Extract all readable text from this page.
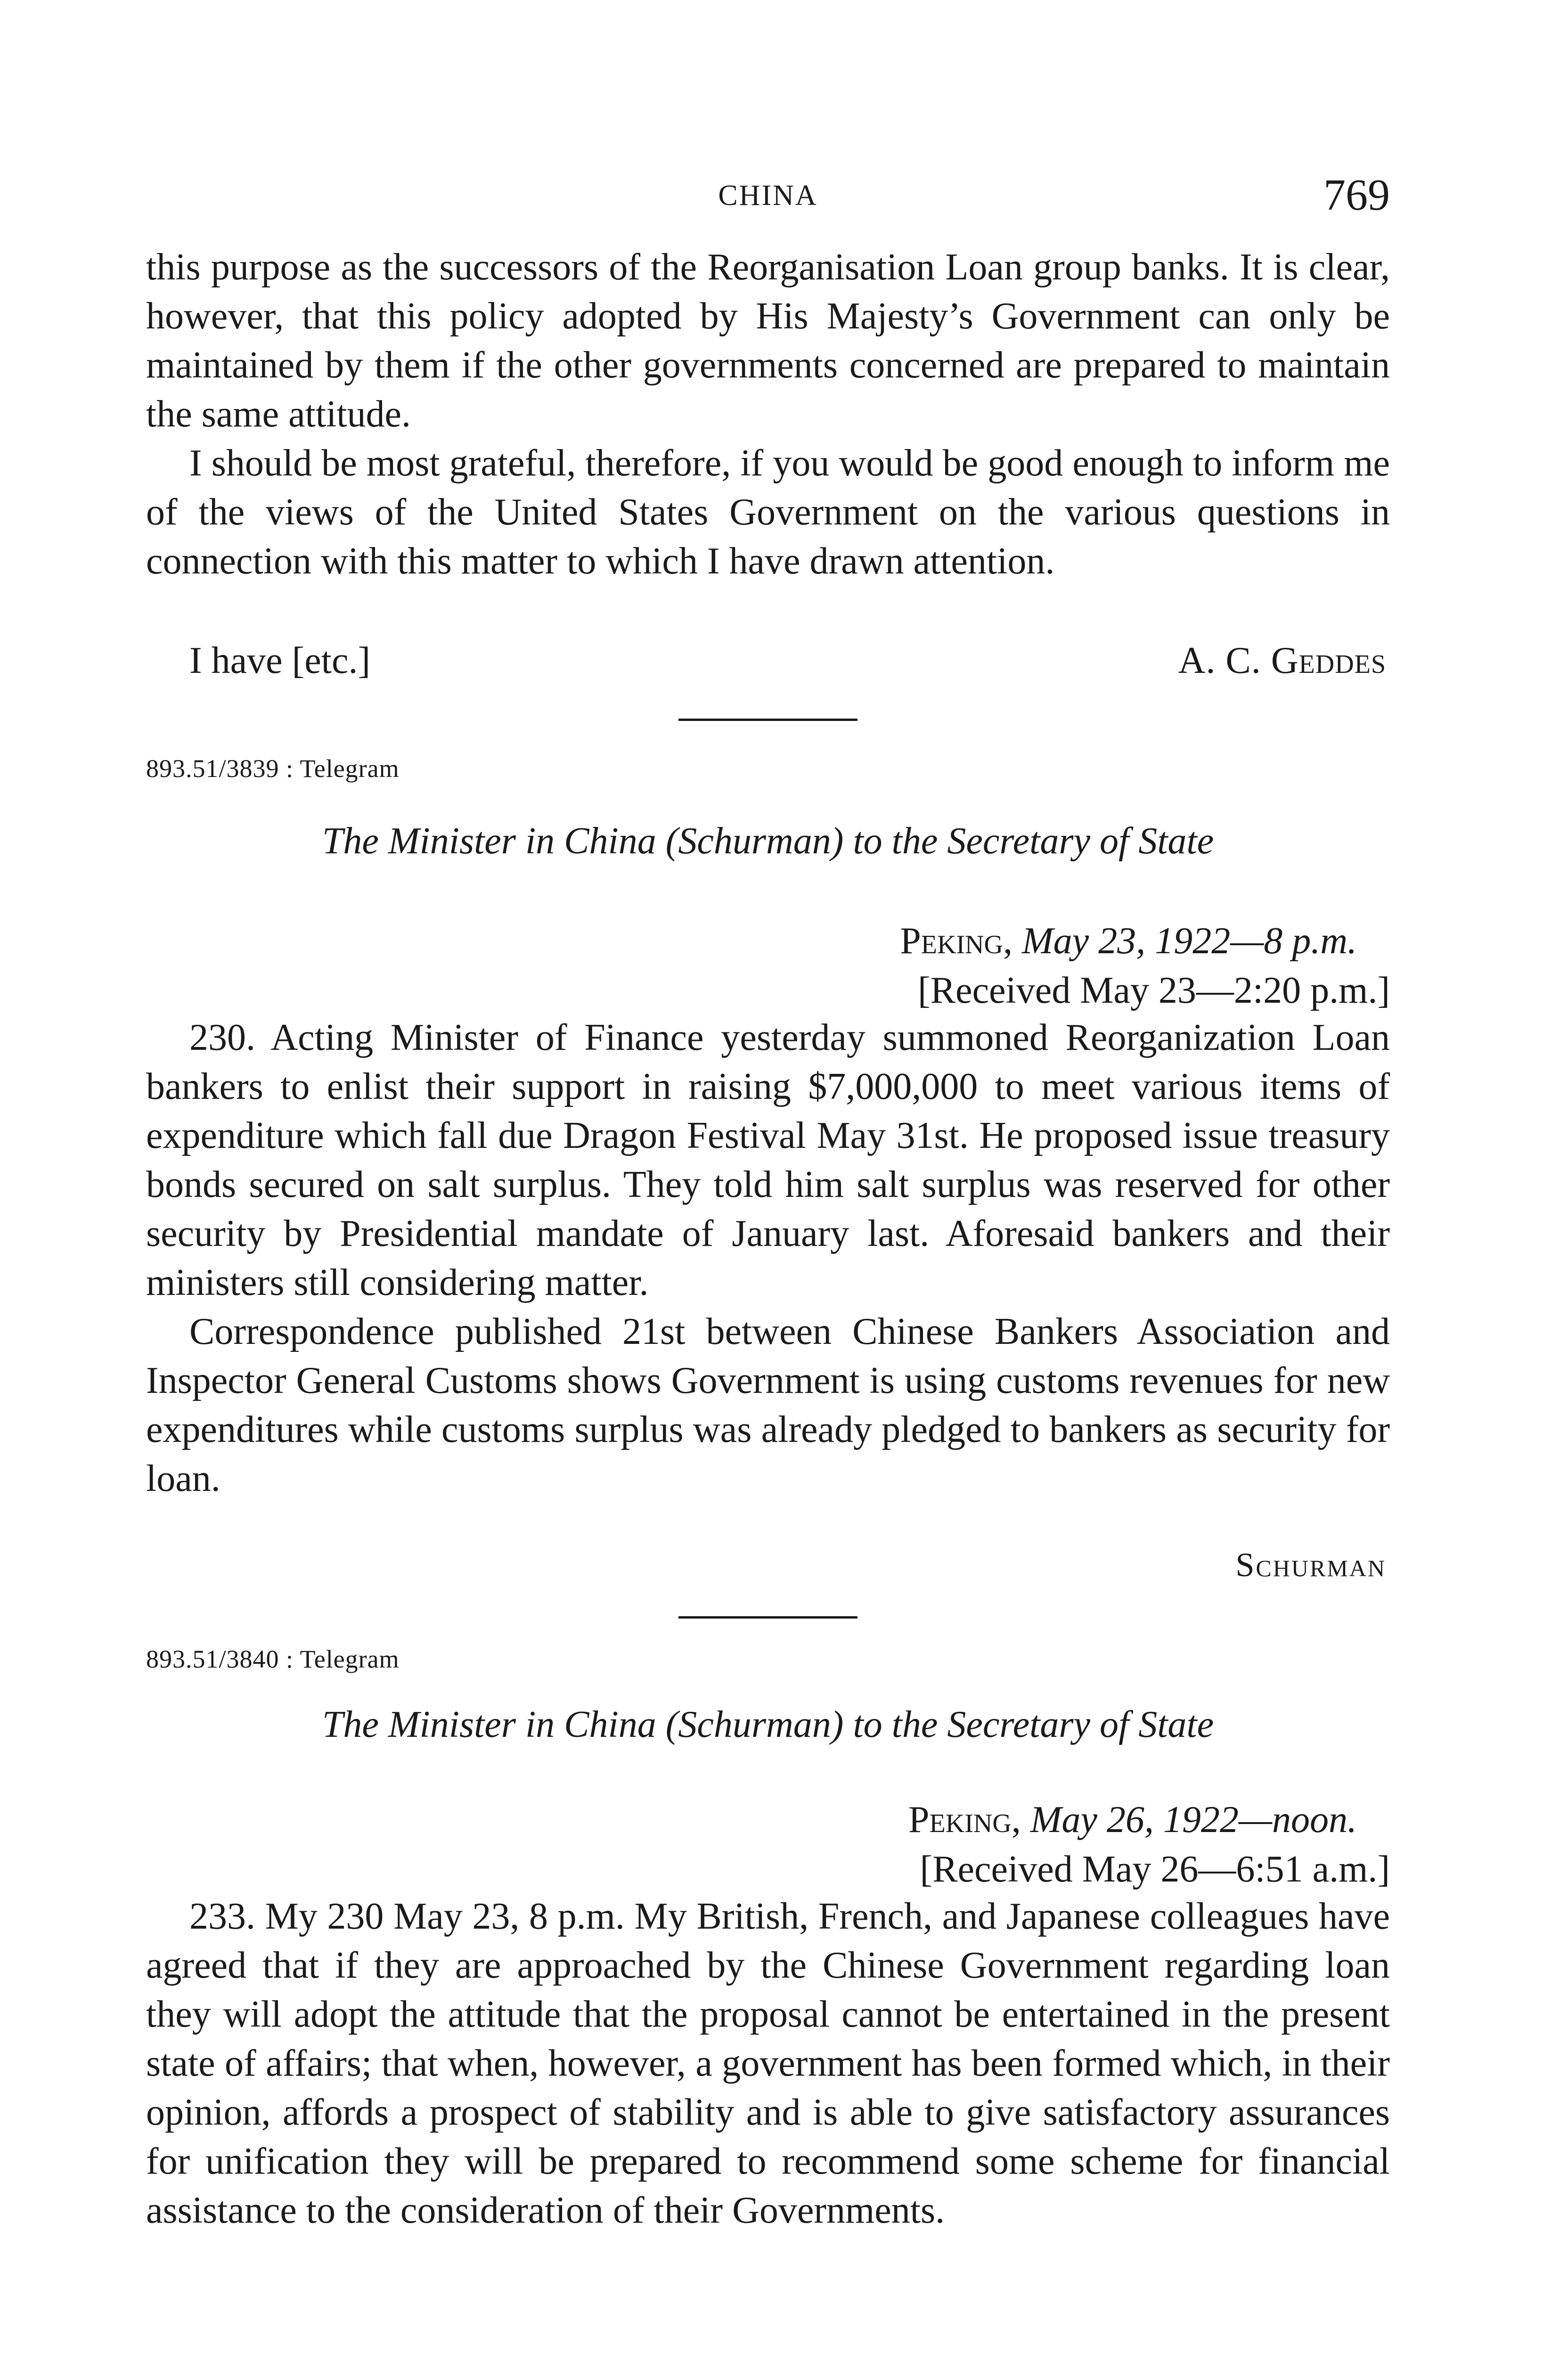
CHINA	769

this purpose as the successors of the Reorganisation Loan group banks. It is clear, however, that this policy adopted by His Majesty’s Government can only be maintained by them if the other governments concerned are prepared to maintain the same attitude.

I should be most grateful, therefore, if you would be good enough to inform me of the views of the United States Government on the various questions in connection with this matter to which I have drawn attention.

I have [etc.]	A. C. Geddes
893.51/3839 : Telegram
The Minister in China (Schurman) to the Secretary of State
Peking, May 23, 1922—8 p.m.
[Received May 23—2:20 p.m.]

230. Acting Minister of Finance yesterday summoned Reorganization Loan bankers to enlist their support in raising $7,000,000 to meet various items of expenditure which fall due Dragon Festival May 31st. He proposed issue treasury bonds secured on salt surplus. They told him salt surplus was reserved for other security by Presidential mandate of January last. Aforesaid bankers and their ministers still considering matter.

Correspondence published 21st between Chinese Bankers Association and Inspector General Customs shows Government is using customs revenues for new expenditures while customs surplus was already pledged to bankers as security for loan.

Schurman
893.51/3840 : Telegram
The Minister in China (Schurman) to the Secretary of State
Peking, May 26, 1922—noon.
[Received May 26—6:51 a.m.]

233. My 230 May 23, 8 p.m. My British, French, and Japanese colleagues have agreed that if they are approached by the Chinese Government regarding loan they will adopt the attitude that the proposal cannot be entertained in the present state of affairs; that when, however, a government has been formed which, in their opinion, affords a prospect of stability and is able to give satisfactory assurances for unification they will be prepared to recommend some scheme for financial assistance to the consideration of their Governments.
